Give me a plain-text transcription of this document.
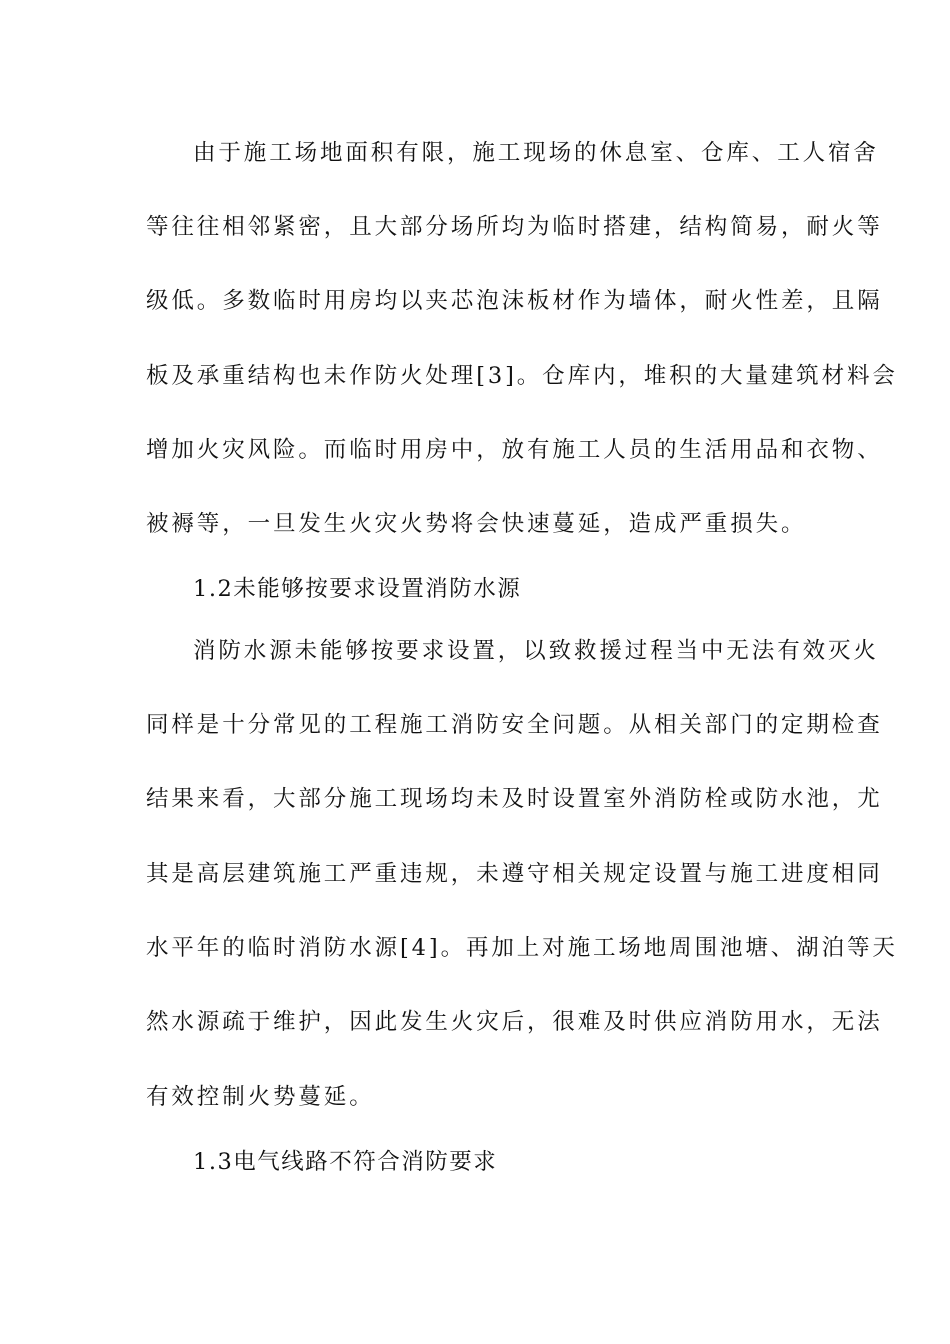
由于施工场地面积有限，施工现场的休息室、仓库、工人宿舍
等往往相邻紧密，且大部分场所均为临时搭建，结构简易，耐火等
级低。多数临时用房均以夹芯泡沫板材作为墙体，耐火性差，且隔
板及承重结构也未作防火处理[3]。仓库内，堆积的大量建筑材料会
增加火灾风险。而临时用房中，放有施工人员的生活用品和衣物、
被褥等，一旦发生火灾火势将会快速蔓延，造成严重损失。
1.2未能够按要求设置消防水源
消防水源未能够按要求设置，以致救援过程当中无法有效灭火
同样是十分常见的工程施工消防安全问题。从相关部门的定期检查
结果来看，大部分施工现场均未及时设置室外消防栓或防水池，尤
其是高层建筑施工严重违规，未遵守相关规定设置与施工进度相同
水平年的临时消防水源[4]。再加上对施工场地周围池塘、湖泊等天
然水源疏于维护，因此发生火灾后，很难及时供应消防用水，无法
有效控制火势蔓延。
1.3电气线路不符合消防要求
